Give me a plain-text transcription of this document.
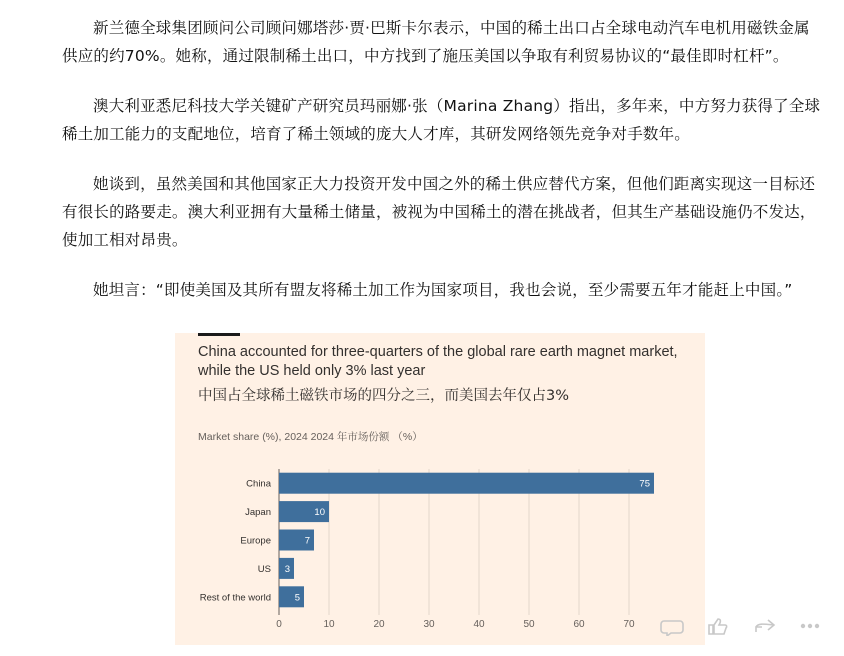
新兰德全球集团顾问公司顾问娜塔莎·贾·巴斯卡尔表示，中国的稀土出口占全球电动汽车电机用磁铁金属供应的约70%。她称，通过限制稀土出口，中方找到了施压美国以争取有利贸易协议的“最佳即时杠杆”。

澳大利亚悉尼科技大学关键矿产研究员玛丽娜·张（Marina Zhang）指出，多年来，中方努力获得了全球稀土加工能力的支配地位，培育了稀土领域的庞大人才库，其研发网络领先竞争对手数年。

她谈到，虽然美国和其他国家正大力投资开发中国之外的稀土供应替代方案，但他们距离实现这一目标还有很长的路要走。澳大利亚拥有大量稀土储量，被视为中国稀土的潜在挑战者，但其生产基础设施仍不发达，使加工相对昂贵。

她坦言：“即使美国及其所有盟友将稀土加工作为国家项目，我也会说，至少需要五年才能赶上中国。”

China accounted for three-quarters of the global rare earth magnet market, while the US held only 3% last year
中国占全球稀土磁铁市场的四分之三，而美国去年仅占3%
Market share (%), 2024 2024 年市场份额 （%）
0	10	20	30	40	50	60	70
China	75
Japan	10
Europe	7
US 3
Rest of the world 5
